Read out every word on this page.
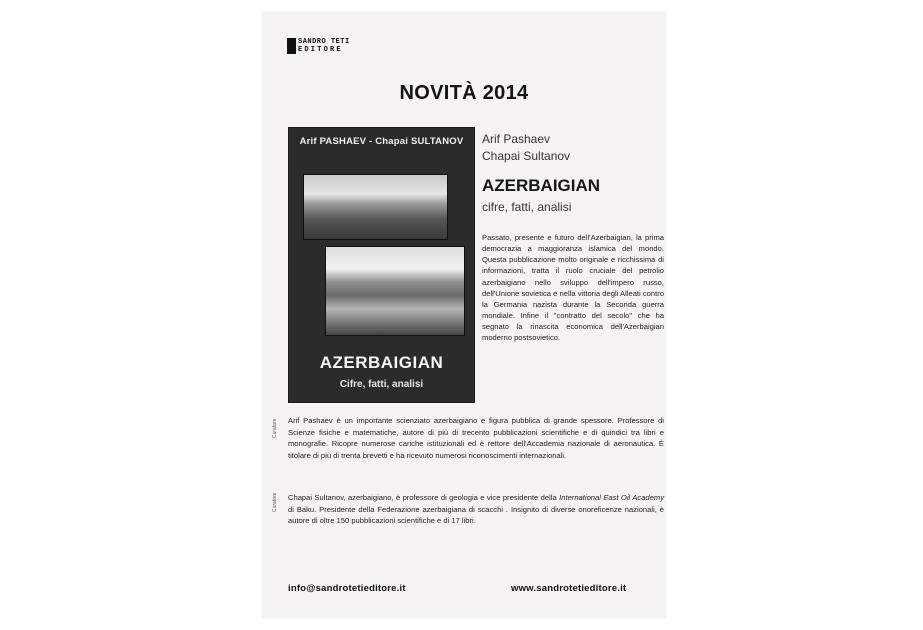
SANDRO TETI
EDITORE
NOVITÀ 2014
Arif PASHAEV - Chapai SULTANOV
AZERBAIGIAN
Cifre, fatti, analisi
Arif Pashaev
Chapai Sultanov
AZERBAIGIAN
cifre, fatti, analisi

Passato, presente e futuro dell'Azerbaigian, la prima democrazia a maggioranza islamica del mondo. Questa pubblicazione molto originale e ricchissima di informazioni, tratta il ruolo cruciale del petrolio azerbaigiano nello sviluppo dell'impero russo, dell'Unione sovietica e nella vittoria degli Alleati contro la Germania nazista durante la Seconda guerra mondiale. Infine il "contratto del secolo" che ha segnato la rinascita economica dell'Azerbaigian moderno postsovietico.

Curatore Arif Pashaev è un importante scienziato azerbaigiano e figura pubblica di grande spessore. Professore di Scienze fisiche e matematiche, autore di più di trecento pubblicazioni scientifiche e di quindici tra libri e monografie. Ricopre numerose cariche istituzionali ed è rettore dell'Accademia nazionale di aeronautica. È titolare di più di trenta brevetti e ha ricevuto numerosi riconoscimenti internazionali.

Curatore Chapai Sultanov, azerbaigiano, è professore di geologia e vice presidente della International East Oil Academy di Baku. Presidente della Federazione azerbaigiana di scacchi . Insignito di diverse onoreficenze nazionali, è autore di oltre 150 pubblicazioni scientifiche e di 17 libri.

info@sandrotetieditore.it	www.sandrotetieditore.it
